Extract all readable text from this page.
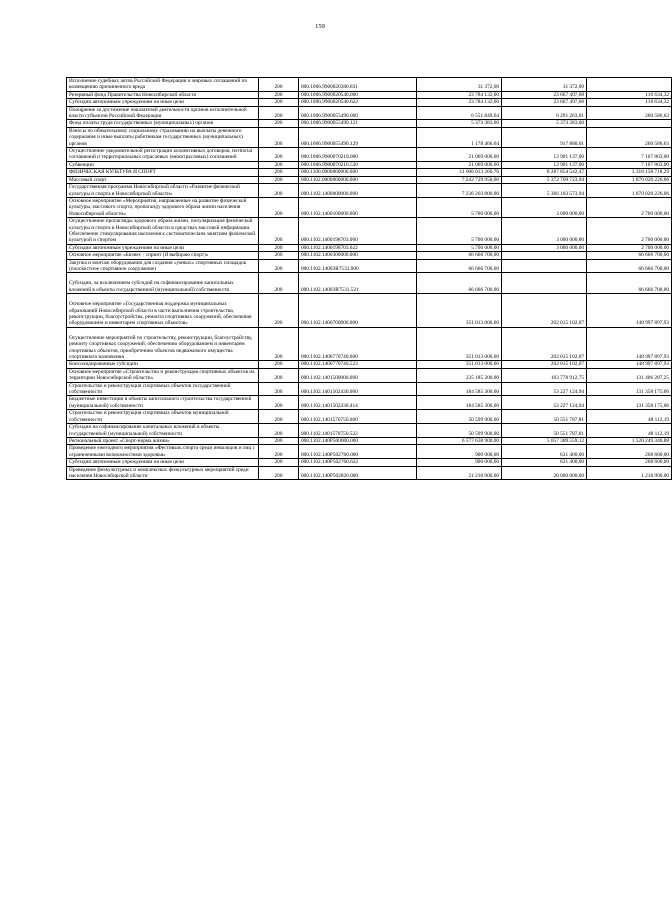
159
Исполнение судебных актов Российской Федерации и мировых соглашений по возмещению причиненного вреда	200	000.1006.9900020380.831	31 372,00	31 372,00	
Резервный фонд Правительства Новосибирской области	200	000.1006.9900020540.000	23 784 132,00	23 667 497,68	116 634,32
Субсидии автономным учреждениям на иные цели	200	000.1006.9900020540.622	23 784 132,00	23 667 497,68	116 634,32
Поощрение за достижение показателей деятельности органов исполнительной власти субъектов Российской Федерации	200	000.1006.9900055490.000	6 551 849,64	6 291 263,01	260 586,63
Фонд оплаты труда государственных (муниципальных) органов	200	000.1006.9900055490.121	5 373 383,00	5 373 383,00	
Взносы по обязательному социальному страхованию на выплаты денежного содержания и иные выплаты работникам государственных (муниципальных) органов	200	000.1006.9900055490.129	1 178 466,64	917 880,01	260 586,63
Осуществление уведомительной регистрации коллективных договоров, territorial соглашений и территориальных отраслевых (межотраслевых) соглашений	200	000.1006.9900070210.000	21 069 000,00	13 901 137,00	7 167 863,00
Субвенции	200	000.1006.9900070210.530	21 069 000,00	13 901 137,00	7 167 863,00
ФИЗИЧЕСКАЯ КУЛЬТУРА И СПОРТ	200	000.1100.0000000000.000	11 606 013 260,76	8 287 854 542,47	3 318 158 718,29
Массовый спорт	200	000.1102.0000000000.000	7 242 729 950,00	5 372 709 723,94	1 870 020 226,06
Государственная программа Новосибирской области «Развитие физической культуры и спорта в Новосибирской области»	200	000.1102.1400000000.000	7 236 203 800,00	5 366 183 573,94	1 870 020 226,06
Основное мероприятие «Мероприятия, направленные на развитие физической культуры, массового спорта, пропаганду здорового образа жизни населения Новосибирской области»	200	000.1102.1400100000.000	5 700 000,00	3 000 000,00	2 700 000,00
Осуществление пропаганды здорового образа жизни, популяризация физической культуры и спорта в Новосибирской области в средствах массовой информации. Обеспечение стимулирования населения к систематическим занятиям физической культурой и спортом	200	000.1102.1400198703.000	5 700 000,00	3 000 000,00	2 700 000,00
Субсидии автономным учреждениям на иные цели	200	000.1102.1400198703.622	5 700 000,00	3 000 000,00	2 700 000,00
Основное мероприятие «Бизнес - спринт (Я выбираю спорт)»	200	000.1102.1400300000.000	66 666 700,00		66 666 700,00
Закупка и монтаж оборудования для создания «умных» спортивных площадок (плоскостное спортивное сооружение)	200	000.1102.14003R7531.000	66 666 700,00		66 666 700,00
Субсидии, за исключением субсидий на софинансирование капитальных вложений в объекты государственной (муниципальной) собственности	200	000.1102.14003R7531.521	66 666 700,00		66 666 700,00
Основное мероприятие «Государственная поддержка муниципальных образований Новосибирской области в части выполнения строительства, реконструкции, благоустройства, ремонта спортивных сооружений, обеспечения оборудованием и инвентарем спортивных объектов»	200	000.1102.1400700000.000	351 013 000,00	202 015 102,07	148 997 897,93
Осуществление мероприятий по строительству, реконструкции, благоустройству, ремонту спортивных сооружений, обеспечению оборудованием и инвентарем спортивных объектов, приобретению объектов недвижимого имущества спортивного назначения	200	000.1102.1400770740.000	351 013 000,00	202 015 102,07	148 997 897,93
Консолидированные субсидии	200	000.1102.1400770740.523	351 013 000,00	202 015 102,07	148 997 897,93
Основное мероприятие «Строительство и реконструкция спортивных объектов на территории Новосибирской области»	200	000.1102.1401500000.000	235 185 200,00	103 778 912,75	131 406 287,25
Строительство и реконструкция спортивных объектов государственной собственности	200	000.1102.1401502430.000	184 585 300,00	53 227 124,94	131 358 175,06
Бюджетные инвестиции в объекты капитального строительства государственной (муниципальной) собственности	200	000.1102.1401502430.414	184 585 300,00	53 227 124,94	131 358 175,06
Строительство и реконструкция спортивных объектов муниципальной собственности	200	000.1102.1401570750.000	50 599 900,00	50 551 787,81	48 112,19
Субсидии на софинансирование капитальных вложений в объекты государственной (муниципальной) собственности	200	000.1102.1401570750.522	50 599 900,00	50 551 787,81	48 112,19
Региональный проект «Спорт-норма жизни»	200	000.1102.140P500000.000	6 577 638 900,00	5 057 389 559,12	1 520 249 340,88
Проведение ежегодного мероприятия «Фестиваль спорта среди инвалидов и лиц с ограниченными возможностями здоровья»	200	000.1102.140P502760.000	900 000,00	631 400,00	268 600,00
Субсидии автономным учреждениям на иные цели	200	000.1102.140P502760.622	900 000,00	631 400,00	268 600,00
Проведение физкультурных и комплексных физкультурных мероприятий среди населения Новосибирской области	200	000.1102.140P502820.000	21 216 900,00	20 000 000,00	1 216 900,00
